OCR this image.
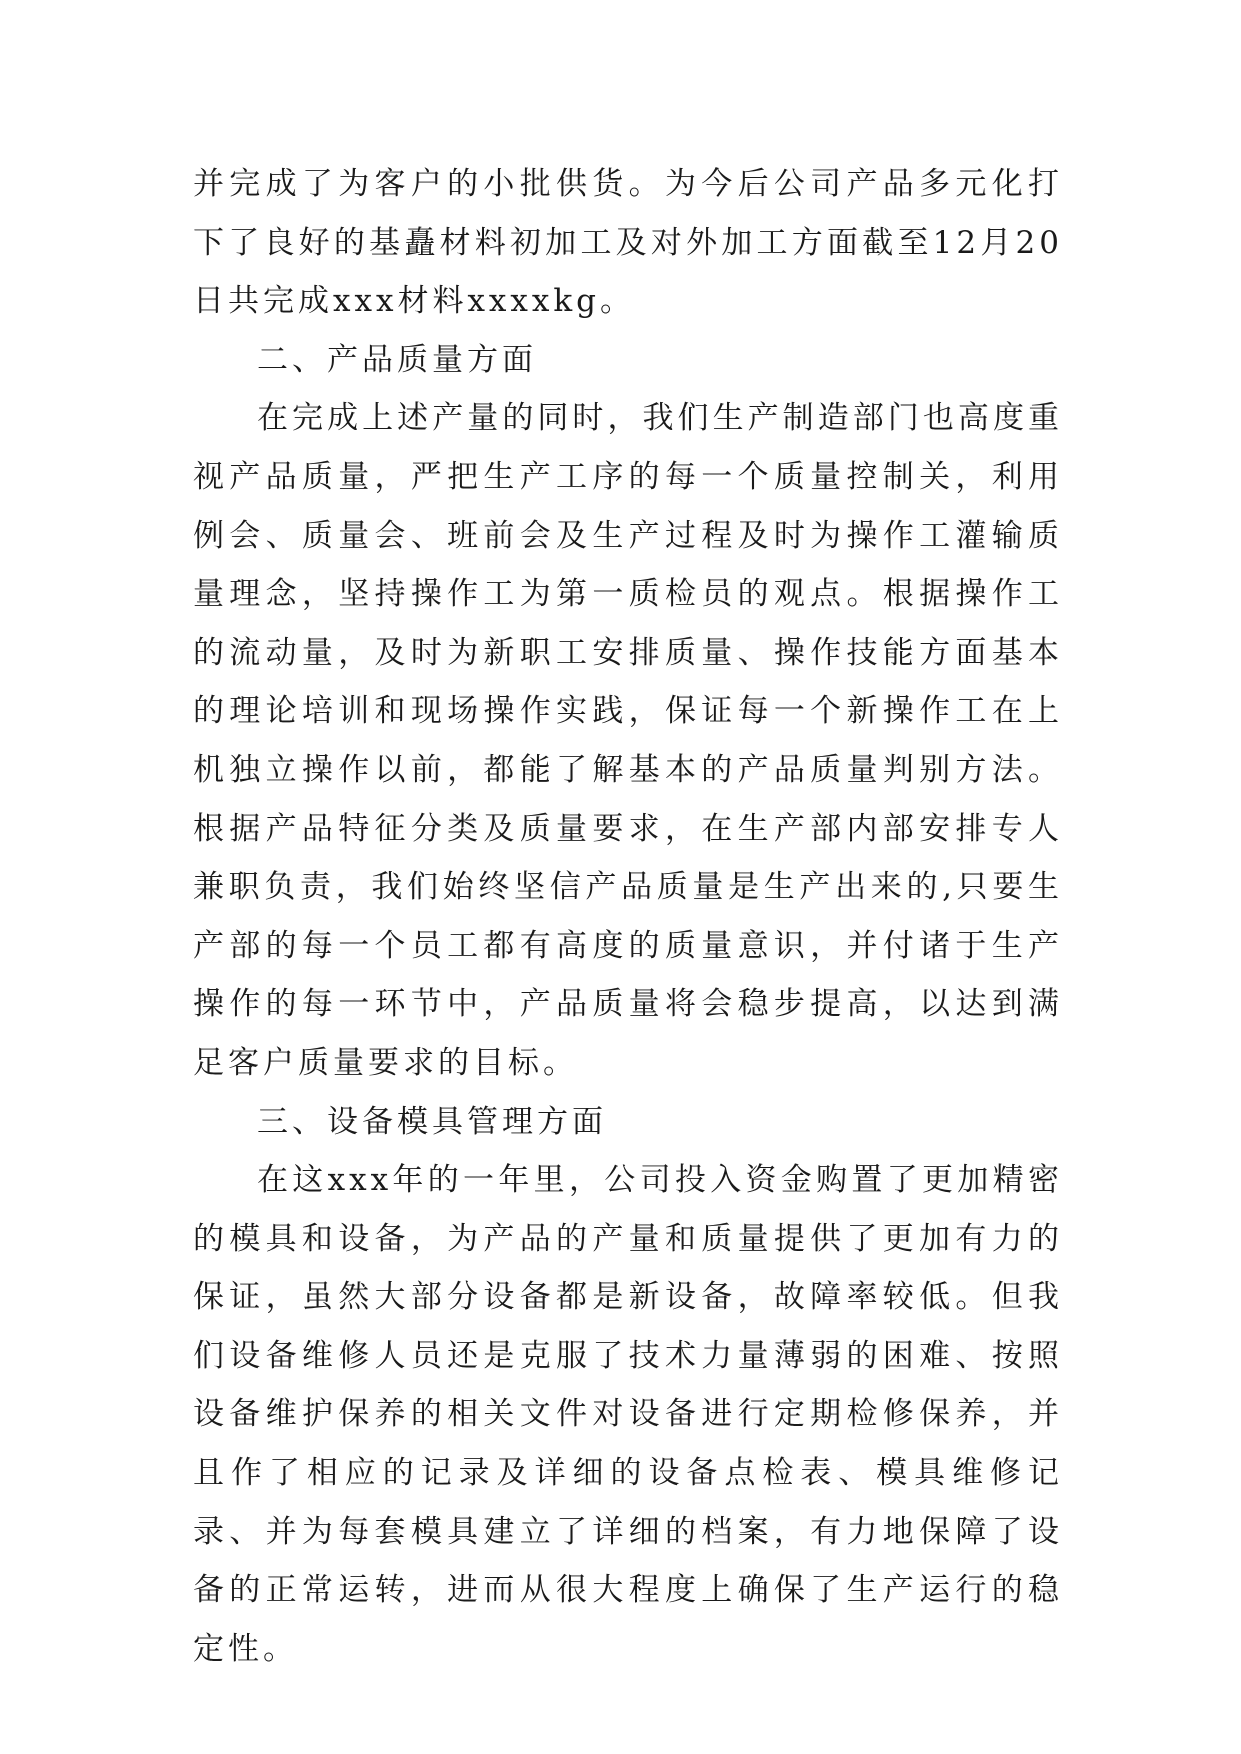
并完成了为客户的小批供货。为今后公司产品多元化打下了良好的基矗材料初加工及对外加工方面截至12月20日共完成xxx材料xxxxkg。

二、产品质量方面

在完成上述产量的同时，我们生产制造部门也高度重视产品质量，严把生产工序的每一个质量控制关，利用例会、质量会、班前会及生产过程及时为操作工灌输质量理念，坚持操作工为第一质检员的观点。根据操作工的流动量，及时为新职工安排质量、操作技能方面基本的理论培训和现场操作实践，保证每一个新操作工在上机独立操作以前，都能了解基本的产品质量判别方法。根据产品特征分类及质量要求，在生产部内部安排专人兼职负责，我们始终坚信产品质量是生产出来的,只要生产部的每一个员工都有高度的质量意识，并付诸于生产操作的每一环节中，产品质量将会稳步提高，以达到满足客户质量要求的目标。

三、设备模具管理方面

在这xxx年的一年里，公司投入资金购置了更加精密的模具和设备，为产品的产量和质量提供了更加有力的保证，虽然大部分设备都是新设备，故障率较低。但我们设备维修人员还是克服了技术力量薄弱的困难、按照设备维护保养的相关文件对设备进行定期检修保养，并且作了相应的记录及详细的设备点检表、模具维修记录、并为每套模具建立了详细的档案，有力地保障了设备的正常运转，进而从很大程度上确保了生产运行的稳定性。
